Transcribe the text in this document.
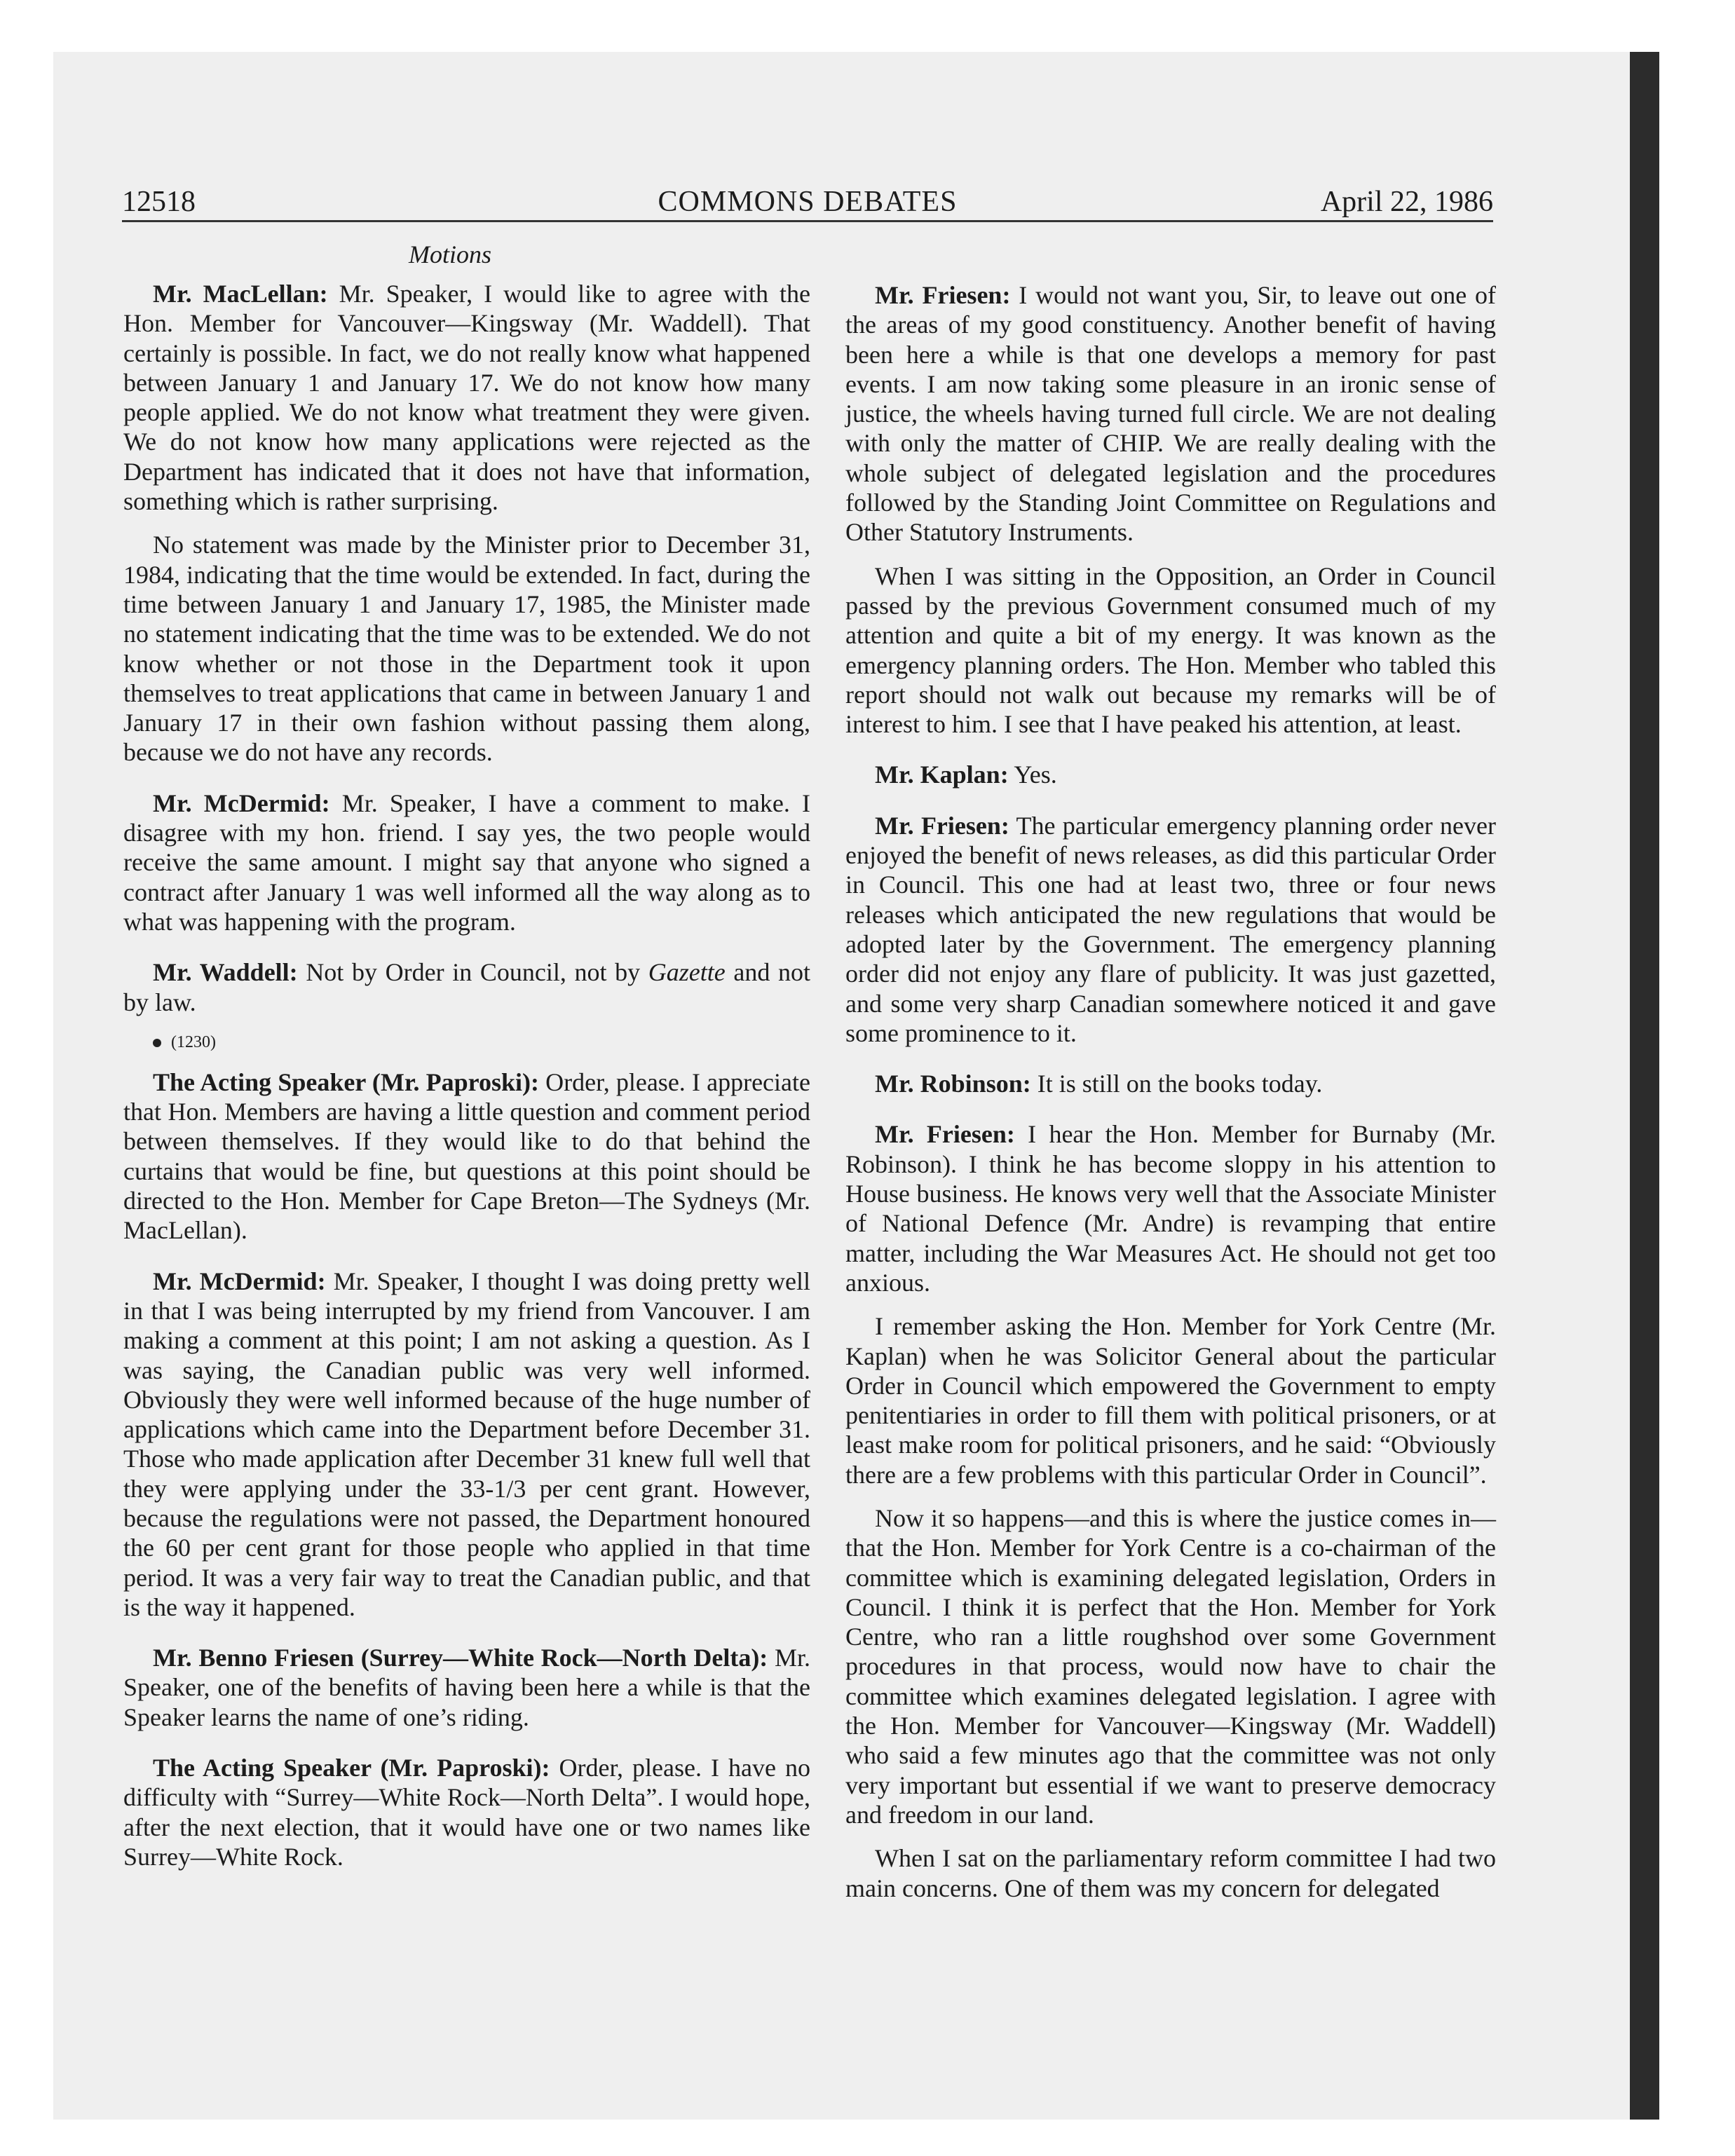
12518	COMMONS DEBATES	April 22, 1986
Motions

Mr. MacLellan: Mr. Speaker, I would like to agree with the Hon. Member for Vancouver—Kingsway (Mr. Waddell). That certainly is possible. In fact, we do not really know what happened between January 1 and January 17. We do not know how many people applied. We do not know what treatment they were given. We do not know how many applications were rejected as the Department has indicated that it does not have that information, something which is rather surprising.

No statement was made by the Minister prior to December 31, 1984, indicating that the time would be extended. In fact, during the time between January 1 and January 17, 1985, the Minister made no statement indicating that the time was to be extended. We do not know whether or not those in the Department took it upon themselves to treat applications that came in between January 1 and January 17 in their own fashion without passing them along, because we do not have any records.

Mr. McDermid: Mr. Speaker, I have a comment to make. I disagree with my hon. friend. I say yes, the two people would receive the same amount. I might say that anyone who signed a contract after January 1 was well informed all the way along as to what was happening with the program.

Mr. Waddell: Not by Order in Council, not by Gazette and not by law.

(1230)

The Acting Speaker (Mr. Paproski): Order, please. I appreciate that Hon. Members are having a little question and comment period between themselves. If they would like to do that behind the curtains that would be fine, but questions at this point should be directed to the Hon. Member for Cape Breton—The Sydneys (Mr. MacLellan).

Mr. McDermid: Mr. Speaker, I thought I was doing pretty well in that I was being interrupted by my friend from Vancouver. I am making a comment at this point; I am not asking a question. As I was saying, the Canadian public was very well informed. Obviously they were well informed because of the huge number of applications which came into the Department before December 31. Those who made application after December 31 knew full well that they were applying under the 33-1/3 per cent grant. However, because the regulations were not passed, the Department honoured the 60 per cent grant for those people who applied in that time period. It was a very fair way to treat the Canadian public, and that is the way it happened.

Mr. Benno Friesen (Surrey—White Rock—North Delta): Mr. Speaker, one of the benefits of having been here a while is that the Speaker learns the name of one’s riding.

The Acting Speaker (Mr. Paproski): Order, please. I have no difficulty with “Surrey—White Rock—North Delta”. I would hope, after the next election, that it would have one or two names like Surrey—White Rock.

Mr. Friesen: I would not want you, Sir, to leave out one of the areas of my good constituency. Another benefit of having been here a while is that one develops a memory for past events. I am now taking some pleasure in an ironic sense of justice, the wheels having turned full circle. We are not dealing with only the matter of CHIP. We are really dealing with the whole subject of delegated legislation and the procedures followed by the Standing Joint Committee on Regulations and Other Statutory Instruments.

When I was sitting in the Opposition, an Order in Council passed by the previous Government consumed much of my attention and quite a bit of my energy. It was known as the emergency planning orders. The Hon. Member who tabled this report should not walk out because my remarks will be of interest to him. I see that I have peaked his attention, at least.

Mr. Kaplan: Yes.

Mr. Friesen: The particular emergency planning order never enjoyed the benefit of news releases, as did this particular Order in Council. This one had at least two, three or four news releases which anticipated the new regulations that would be adopted later by the Government. The emergency planning order did not enjoy any flare of publicity. It was just gazetted, and some very sharp Canadian somewhere noticed it and gave some prominence to it.

Mr. Robinson: It is still on the books today.

Mr. Friesen: I hear the Hon. Member for Burnaby (Mr. Robinson). I think he has become sloppy in his attention to House business. He knows very well that the Associate Minister of National Defence (Mr. Andre) is revamping that entire matter, including the War Measures Act. He should not get too anxious.

I remember asking the Hon. Member for York Centre (Mr. Kaplan) when he was Solicitor General about the particular Order in Council which empowered the Government to empty penitentiaries in order to fill them with political prisoners, or at least make room for political prisoners, and he said: “Obviously there are a few problems with this particular Order in Council”.

Now it so happens—and this is where the justice comes in—that the Hon. Member for York Centre is a co-chairman of the committee which is examining delegated legislation, Orders in Council. I think it is perfect that the Hon. Member for York Centre, who ran a little roughshod over some Government procedures in that process, would now have to chair the committee which examines delegated legislation. I agree with the Hon. Member for Vancouver—Kingsway (Mr. Waddell) who said a few minutes ago that the committee was not only very important but essential if we want to preserve democracy and freedom in our land.

When I sat on the parliamentary reform committee I had two main concerns. One of them was my concern for delegated
